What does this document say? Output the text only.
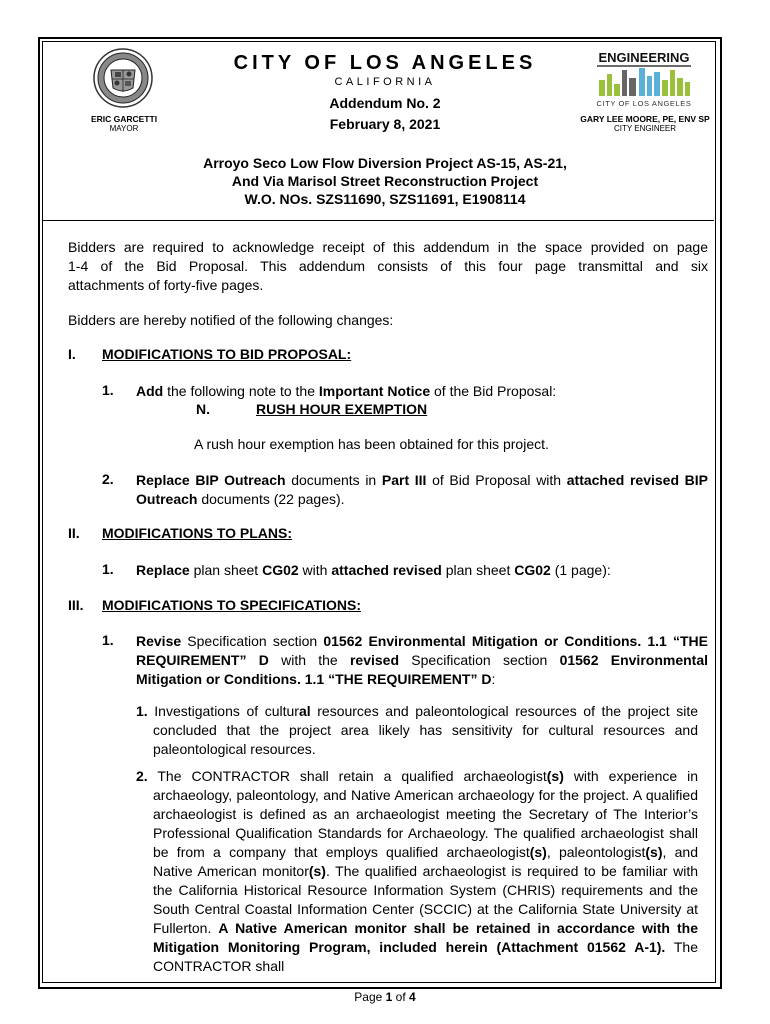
ERIC GARCETTI
MAYOR
CITY OF LOS ANGELES
CALIFORNIA
Addendum No. 2
February 8, 2021
ENGINEERING
CITY OF LOS ANGELES
GARY LEE MOORE, PE, ENV SP
CITY ENGINEER
Arroyo Seco Low Flow Diversion Project AS-15, AS-21,
And Via Marisol Street Reconstruction Project
W.O. NOs. SZS11690, SZS11691, E1908114
Bidders are required to acknowledge receipt of this addendum in the space provided on page
1-4 of the Bid Proposal. This addendum consists of this four page transmittal and six
attachments of forty-five pages.
Bidders are hereby notified of the following changes:
I. MODIFICATIONS TO BID PROPOSAL:
1. Add the following note to the Important Notice of the Bid Proposal:
N.	RUSH HOUR EXEMPTION
A rush hour exemption has been obtained for this project.
2. Replace BIP Outreach documents in Part III of Bid Proposal with attached revised BIP Outreach documents (22 pages).
II. MODIFICATIONS TO PLANS:
1. Replace plan sheet CG02 with attached revised plan sheet CG02 (1 page):
III. MODIFICATIONS TO SPECIFICATIONS:
1. Revise Specification section 01562 Environmental Mitigation or Conditions. 1.1 “THE REQUIREMENT” D with the revised Specification section 01562 Environmental Mitigation or Conditions. 1.1 “THE REQUIREMENT” D:
1. Investigations of cultural resources and paleontological resources of the project site concluded that the project area likely has sensitivity for cultural resources and paleontological resources.
2. The CONTRACTOR shall retain a qualified archaeologist(s) with experience in archaeology, paleontology, and Native American archaeology for the project. A qualified archaeologist is defined as an archaeologist meeting the Secretary of The Interior’s Professional Qualification Standards for Archaeology. The qualified archaeologist shall be from a company that employs qualified archaeologist(s), paleontologist(s), and Native American monitor(s). The qualified archaeologist is required to be familiar with the California Historical Resource Information System (CHRIS) requirements and the South Central Coastal Information Center (SCCIC) at the California State University at Fullerton. A Native American monitor shall be retained in accordance with the Mitigation Monitoring Program, included herein (Attachment 01562 A-1). The CONTRACTOR shall
Page 1 of 4
